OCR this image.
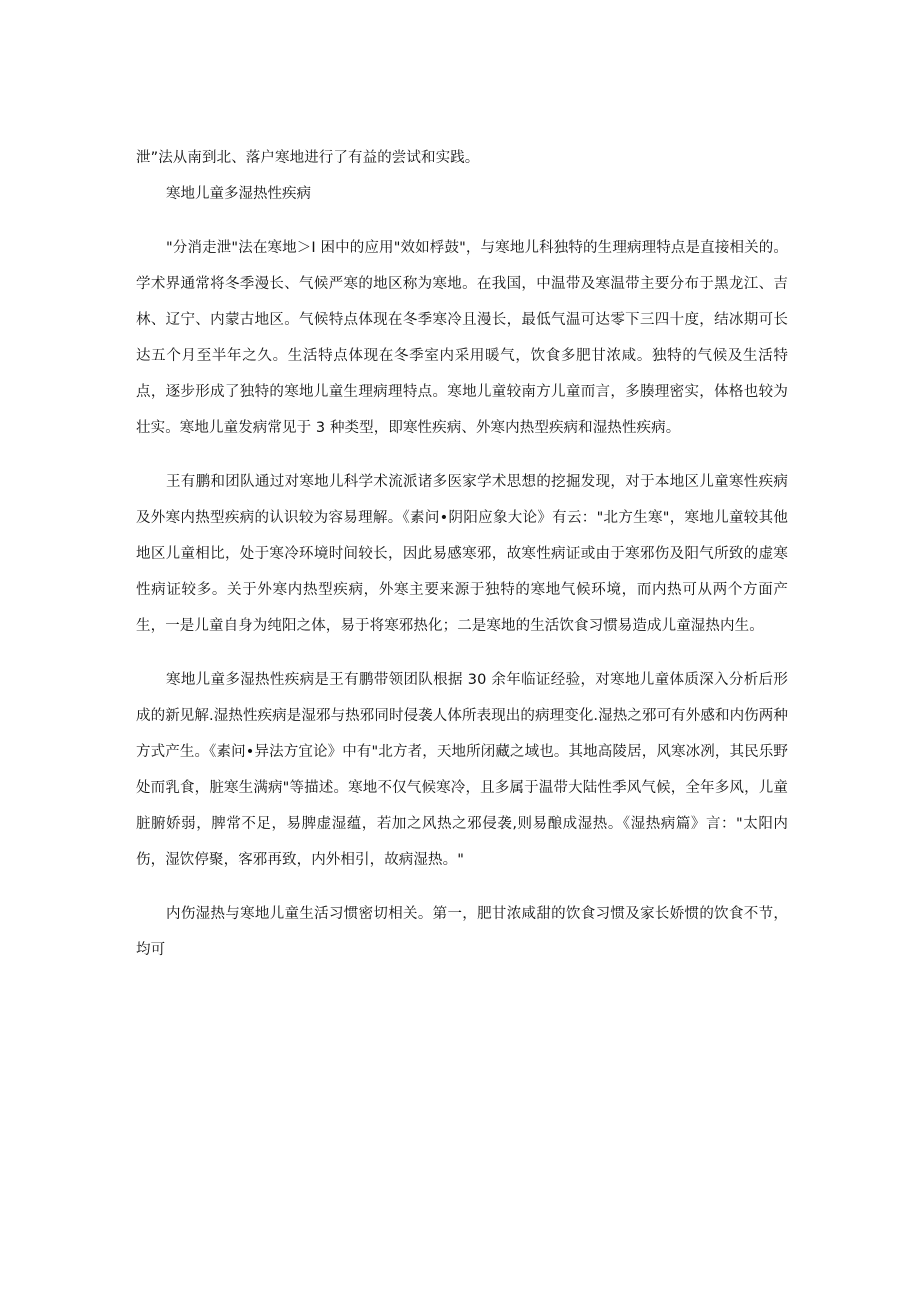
泄”法从南到北、落户寒地进行了有益的尝试和实践。

寒地儿童多湿热性疾病

"分消走泄"法在寒地＞I 困中的应用"效如桴鼓"，与寒地儿科独特的生理病理特点是直接相关的。学术界通常将冬季漫长、气候严寒的地区称为寒地。在我国，中温带及寒温带主要分布于黑龙江、吉林、辽宁、内蒙古地区。气候特点体现在冬季寒冷且漫长，最低气温可达零下三四十度，结冰期可长达五个月至半年之久。生活特点体现在冬季室内采用暖气，饮食多肥甘浓咸。独特的气候及生活特点，逐步形成了独特的寒地儿童生理病理特点。寒地儿童较南方儿童而言，多腠理密实，体格也较为壮实。寒地儿童发病常见于 3 种类型，即寒性疾病、外寒内热型疾病和湿热性疾病。

王有鹏和团队通过对寒地儿科学术流派诸多医家学术思想的挖掘发现，对于本地区儿童寒性疾病及外寒内热型疾病的认识较为容易理解。《素问•阴阳应象大论》有云："北方生寒"，寒地儿童较其他地区儿童相比，处于寒冷环境时间较长，因此易感寒邪，故寒性病证或由于寒邪伤及阳气所致的虚寒性病证较多。关于外寒内热型疾病，外寒主要来源于独特的寒地气候环境，而内热可从两个方面产生，一是儿童自身为纯阳之体，易于将寒邪热化；二是寒地的生活饮食习惯易造成儿童湿热内生。

寒地儿童多湿热性疾病是王有鹏带领团队根据 30 余年临证经验，对寒地儿童体质深入分析后形成的新见解.湿热性疾病是湿邪与热邪同时侵袭人体所表现出的病理变化.湿热之邪可有外感和内伤两种方式产生。《素问•异法方宜论》中有"北方者，天地所闭藏之域也。其地高陵居，风寒冰冽，其民乐野处而乳食，脏寒生满病"等描述。寒地不仅气候寒冷，且多属于温带大陆性季风气候，全年多风，儿童脏腑娇弱，脾常不足，易脾虚湿蕴，若加之风热之邪侵袭,则易酿成湿热。《湿热病篇》言："太阳内伤，湿饮停聚，客邪再致，内外相引，故病湿热。"

内伤湿热与寒地儿童生活习惯密切相关。第一，肥甘浓咸甜的饮食习惯及家长娇惯的饮食不节，均可
